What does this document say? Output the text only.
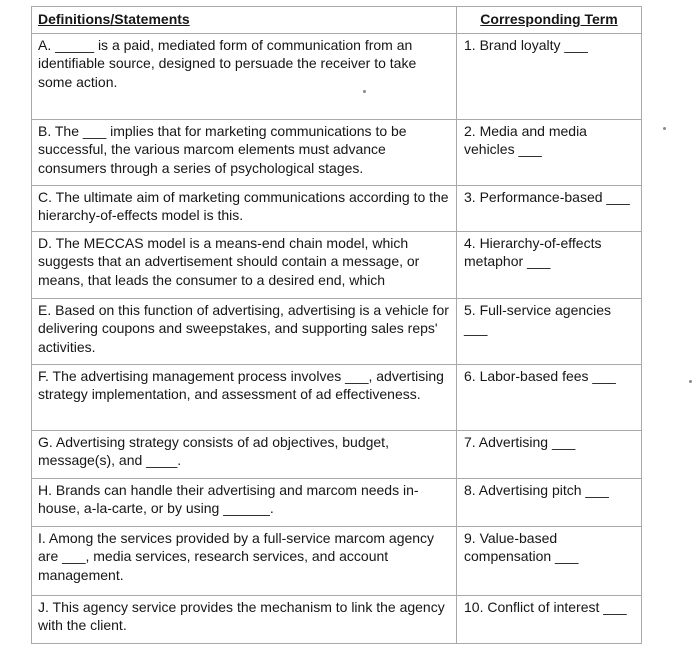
Definitions/Statements	Corresponding Term
A. _____ is a paid, mediated form of communication from an identifiable source, designed to persuade the receiver to take some action.	1. Brand loyalty ___
B. The ___ implies that for marketing communications to be successful, the various marcom elements must advance consumers through a series of psychological stages.	2. Media and media vehicles ___
C. The ultimate aim of marketing communications according to the hierarchy-of-effects model is this.	3. Performance-based ___
D. The MECCAS model is a means-end chain model, which suggests that an advertisement should contain a message, or means, that leads the consumer to a desired end, which	4. Hierarchy-of-effects metaphor ___
E. Based on this function of advertising, advertising is a vehicle for delivering coupons and sweepstakes, and supporting sales reps' activities.	5. Full-service agencies ___
F. The advertising management process involves ___, advertising strategy implementation, and assessment of ad effectiveness.	6. Labor-based fees ___
G. Advertising strategy consists of ad objectives, budget, message(s), and ____.	7. Advertising ___
H. Brands can handle their advertising and marcom needs in-house, a-la-carte, or by using ______.	8. Advertising pitch ___
I. Among the services provided by a full-service marcom agency are ___, media services, research services, and account management.	9. Value-based compensation ___
J. This agency service provides the mechanism to link the agency with the client.	10. Conflict of interest ___
